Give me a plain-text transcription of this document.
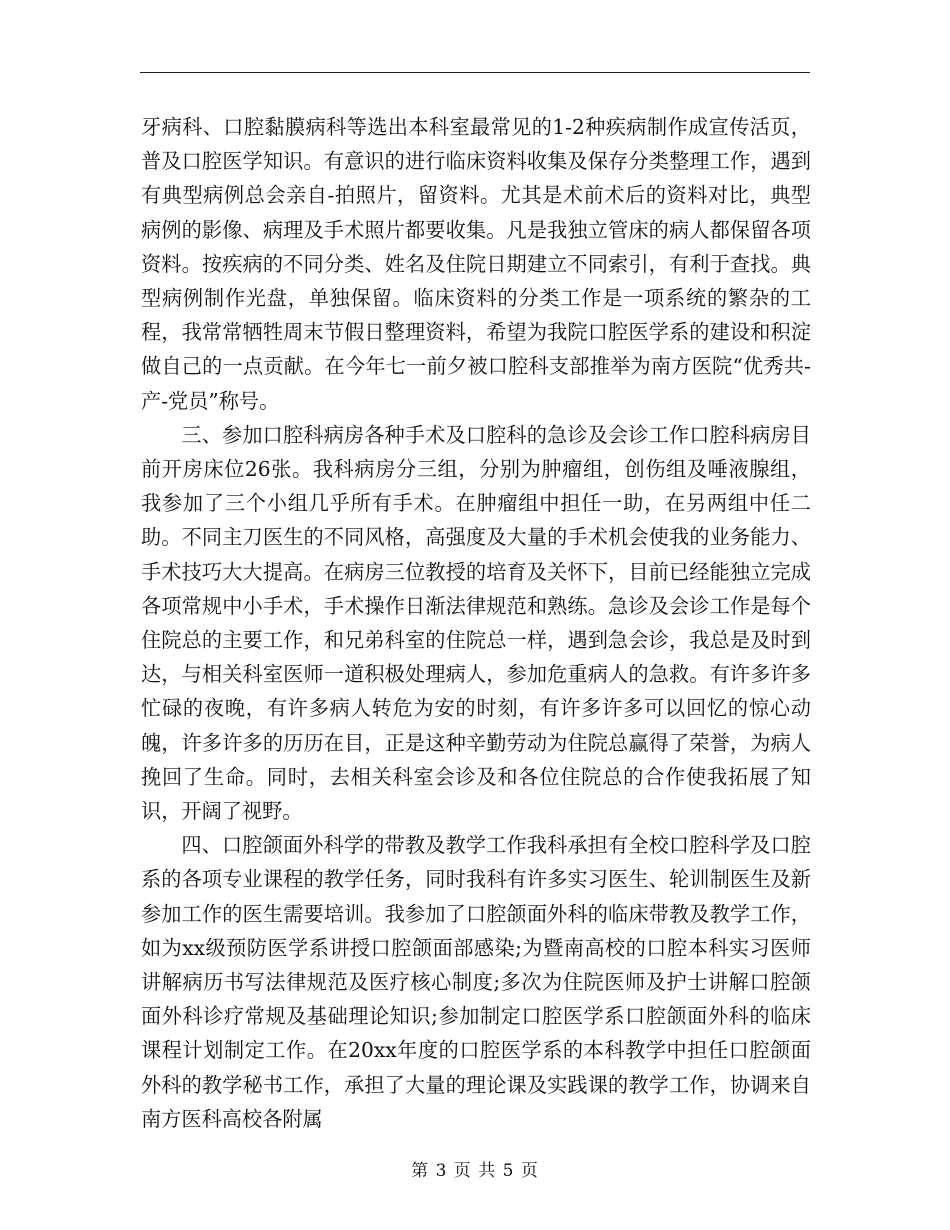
牙病科、口腔黏膜病科等选出本科室最常见的1-2种疾病制作成宣传活页，普及口腔医学知识。有意识的进行临床资料收集及保存分类整理工作，遇到有典型病例总会亲自-拍照片，留资料。尤其是术前术后的资料对比，典型病例的影像、病理及手术照片都要收集。凡是我独立管床的病人都保留各项资料。按疾病的不同分类、姓名及住院日期建立不同索引，有利于查找。典型病例制作光盘，单独保留。临床资料的分类工作是一项系统的繁杂的工程，我常常牺牲周末节假日整理资料，希望为我院口腔医学系的建设和积淀做自己的一点贡献。在今年七一前夕被口腔科支部推举为南方医院“优秀共-产-党员”称号。

三、参加口腔科病房各种手术及口腔科的急诊及会诊工作口腔科病房目前开房床位26张。我科病房分三组，分别为肿瘤组，创伤组及唾液腺组，我参加了三个小组几乎所有手术。在肿瘤组中担任一助，在另两组中任二助。不同主刀医生的不同风格，高强度及大量的手术机会使我的业务能力、手术技巧大大提高。在病房三位教授的培育及关怀下，目前已经能独立完成各项常规中小手术，手术操作日渐法律规范和熟练。急诊及会诊工作是每个住院总的主要工作，和兄弟科室的住院总一样，遇到急会诊，我总是及时到达，与相关科室医师一道积极处理病人，参加危重病人的急救。有许多许多忙碌的夜晚，有许多病人转危为安的时刻，有许多许多可以回忆的惊心动魄，许多许多的历历在目，正是这种辛勤劳动为住院总赢得了荣誉，为病人挽回了生命。同时，去相关科室会诊及和各位住院总的合作使我拓展了知识，开阔了视野。

四、口腔颌面外科学的带教及教学工作我科承担有全校口腔科学及口腔系的各项专业课程的教学任务，同时我科有许多实习医生、轮训制医生及新参加工作的医生需要培训。我参加了口腔颌面外科的临床带教及教学工作，如为xx级预防医学系讲授口腔颌面部感染;为暨南高校的口腔本科实习医师讲解病历书写法律规范及医疗核心制度;多次为住院医师及护士讲解口腔颌面外科诊疗常规及基础理论知识;参加制定口腔医学系口腔颌面外科的临床课程计划制定工作。在20xx年度的口腔医学系的本科教学中担任口腔颌面外科的教学秘书工作，承担了大量的理论课及实践课的教学工作，协调来自南方医科高校各附属

第 3 页 共 5 页
